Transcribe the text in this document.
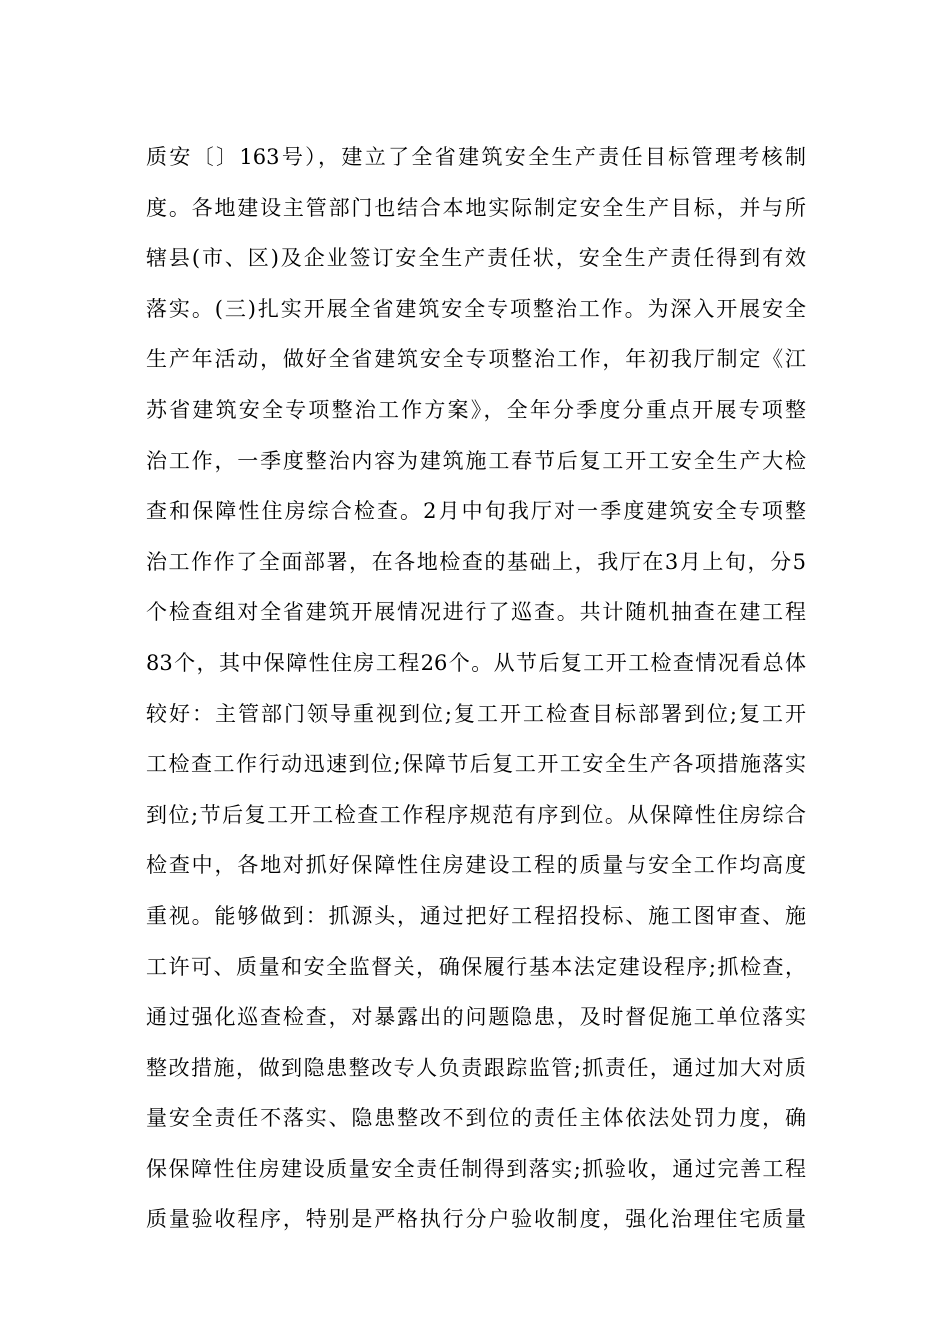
质安〔〕163号），建立了全省建筑安全生产责任目标管理考核制
度。各地建设主管部门也结合本地实际制定安全生产目标，并与所
辖县(市、区)及企业签订安全生产责任状，安全生产责任得到有效
落实。(三)扎实开展全省建筑安全专项整治工作。为深入开展安全
生产年活动，做好全省建筑安全专项整治工作，年初我厅制定《江
苏省建筑安全专项整治工作方案》，全年分季度分重点开展专项整
治工作，一季度整治内容为建筑施工春节后复工开工安全生产大检
查和保障性住房综合检查。2月中旬我厅对一季度建筑安全专项整
治工作作了全面部署，在各地检查的基础上，我厅在3月上旬，分5
个检查组对全省建筑开展情况进行了巡查。共计随机抽查在建工程
83个，其中保障性住房工程26个。从节后复工开工检查情况看总体
较好：主管部门领导重视到位;复工开工检查目标部署到位;复工开
工检查工作行动迅速到位;保障节后复工开工安全生产各项措施落实
到位;节后复工开工检查工作程序规范有序到位。从保障性住房综合
检查中，各地对抓好保障性住房建设工程的质量与安全工作均高度
重视。能够做到：抓源头，通过把好工程招投标、施工图审查、施
工许可、质量和安全监督关，确保履行基本法定建设程序;抓检查，
通过强化巡查检查，对暴露出的问题隐患，及时督促施工单位落实
整改措施，做到隐患整改专人负责跟踪监管;抓责任，通过加大对质
量安全责任不落实、隐患整改不到位的责任主体依法处罚力度，确
保保障性住房建设质量安全责任制得到落实;抓验收，通过完善工程
质量验收程序，特别是严格执行分户验收制度，强化治理住宅质量
